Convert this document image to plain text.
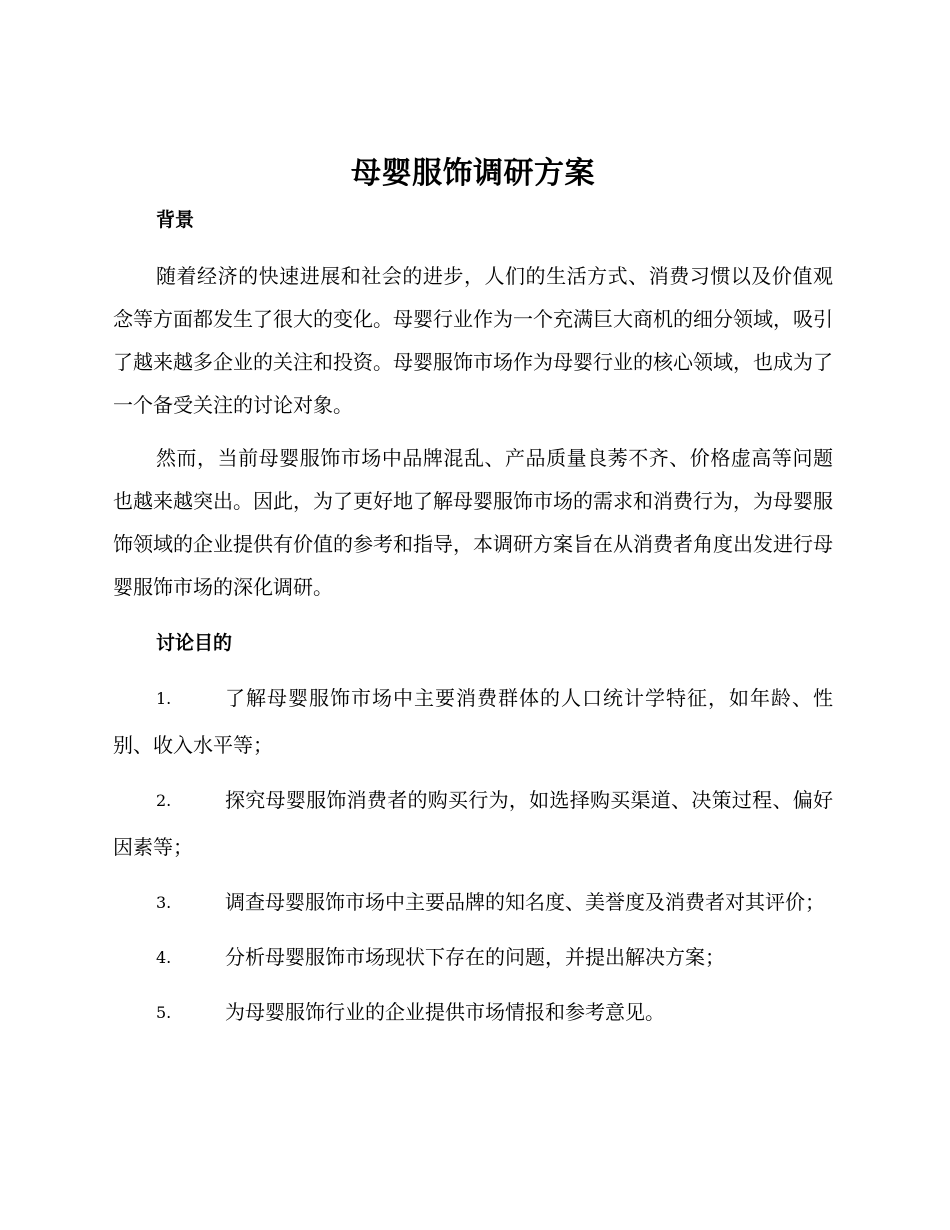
母婴服饰调研方案
背景

随着经济的快速进展和社会的进步，人们的生活方式、消费习惯以及价值观念等方面都发生了很大的变化。母婴行业作为一个充满巨大商机的细分领域，吸引了越来越多企业的关注和投资。母婴服饰市场作为母婴行业的核心领域，也成为了一个备受关注的讨论对象。

然而，当前母婴服饰市场中品牌混乱、产品质量良莠不齐、价格虚高等问题也越来越突出。因此，为了更好地了解母婴服饰市场的需求和消费行为，为母婴服饰领域的企业提供有价值的参考和指导，本调研方案旨在从消费者角度出发进行母婴服饰市场的深化调研。

讨论目的
1.	了解母婴服饰市场中主要消费群体的人口统计学特征，如年龄、性别、收入水平等；

2.	探究母婴服饰消费者的购买行为，如选择购买渠道、决策过程、偏好因素等；

3.	调查母婴服饰市场中主要品牌的知名度、美誉度及消费者对其评价；

4.	分析母婴服饰市场现状下存在的问题，并提出解决方案；

5.	为母婴服饰行业的企业提供市场情报和参考意见。
